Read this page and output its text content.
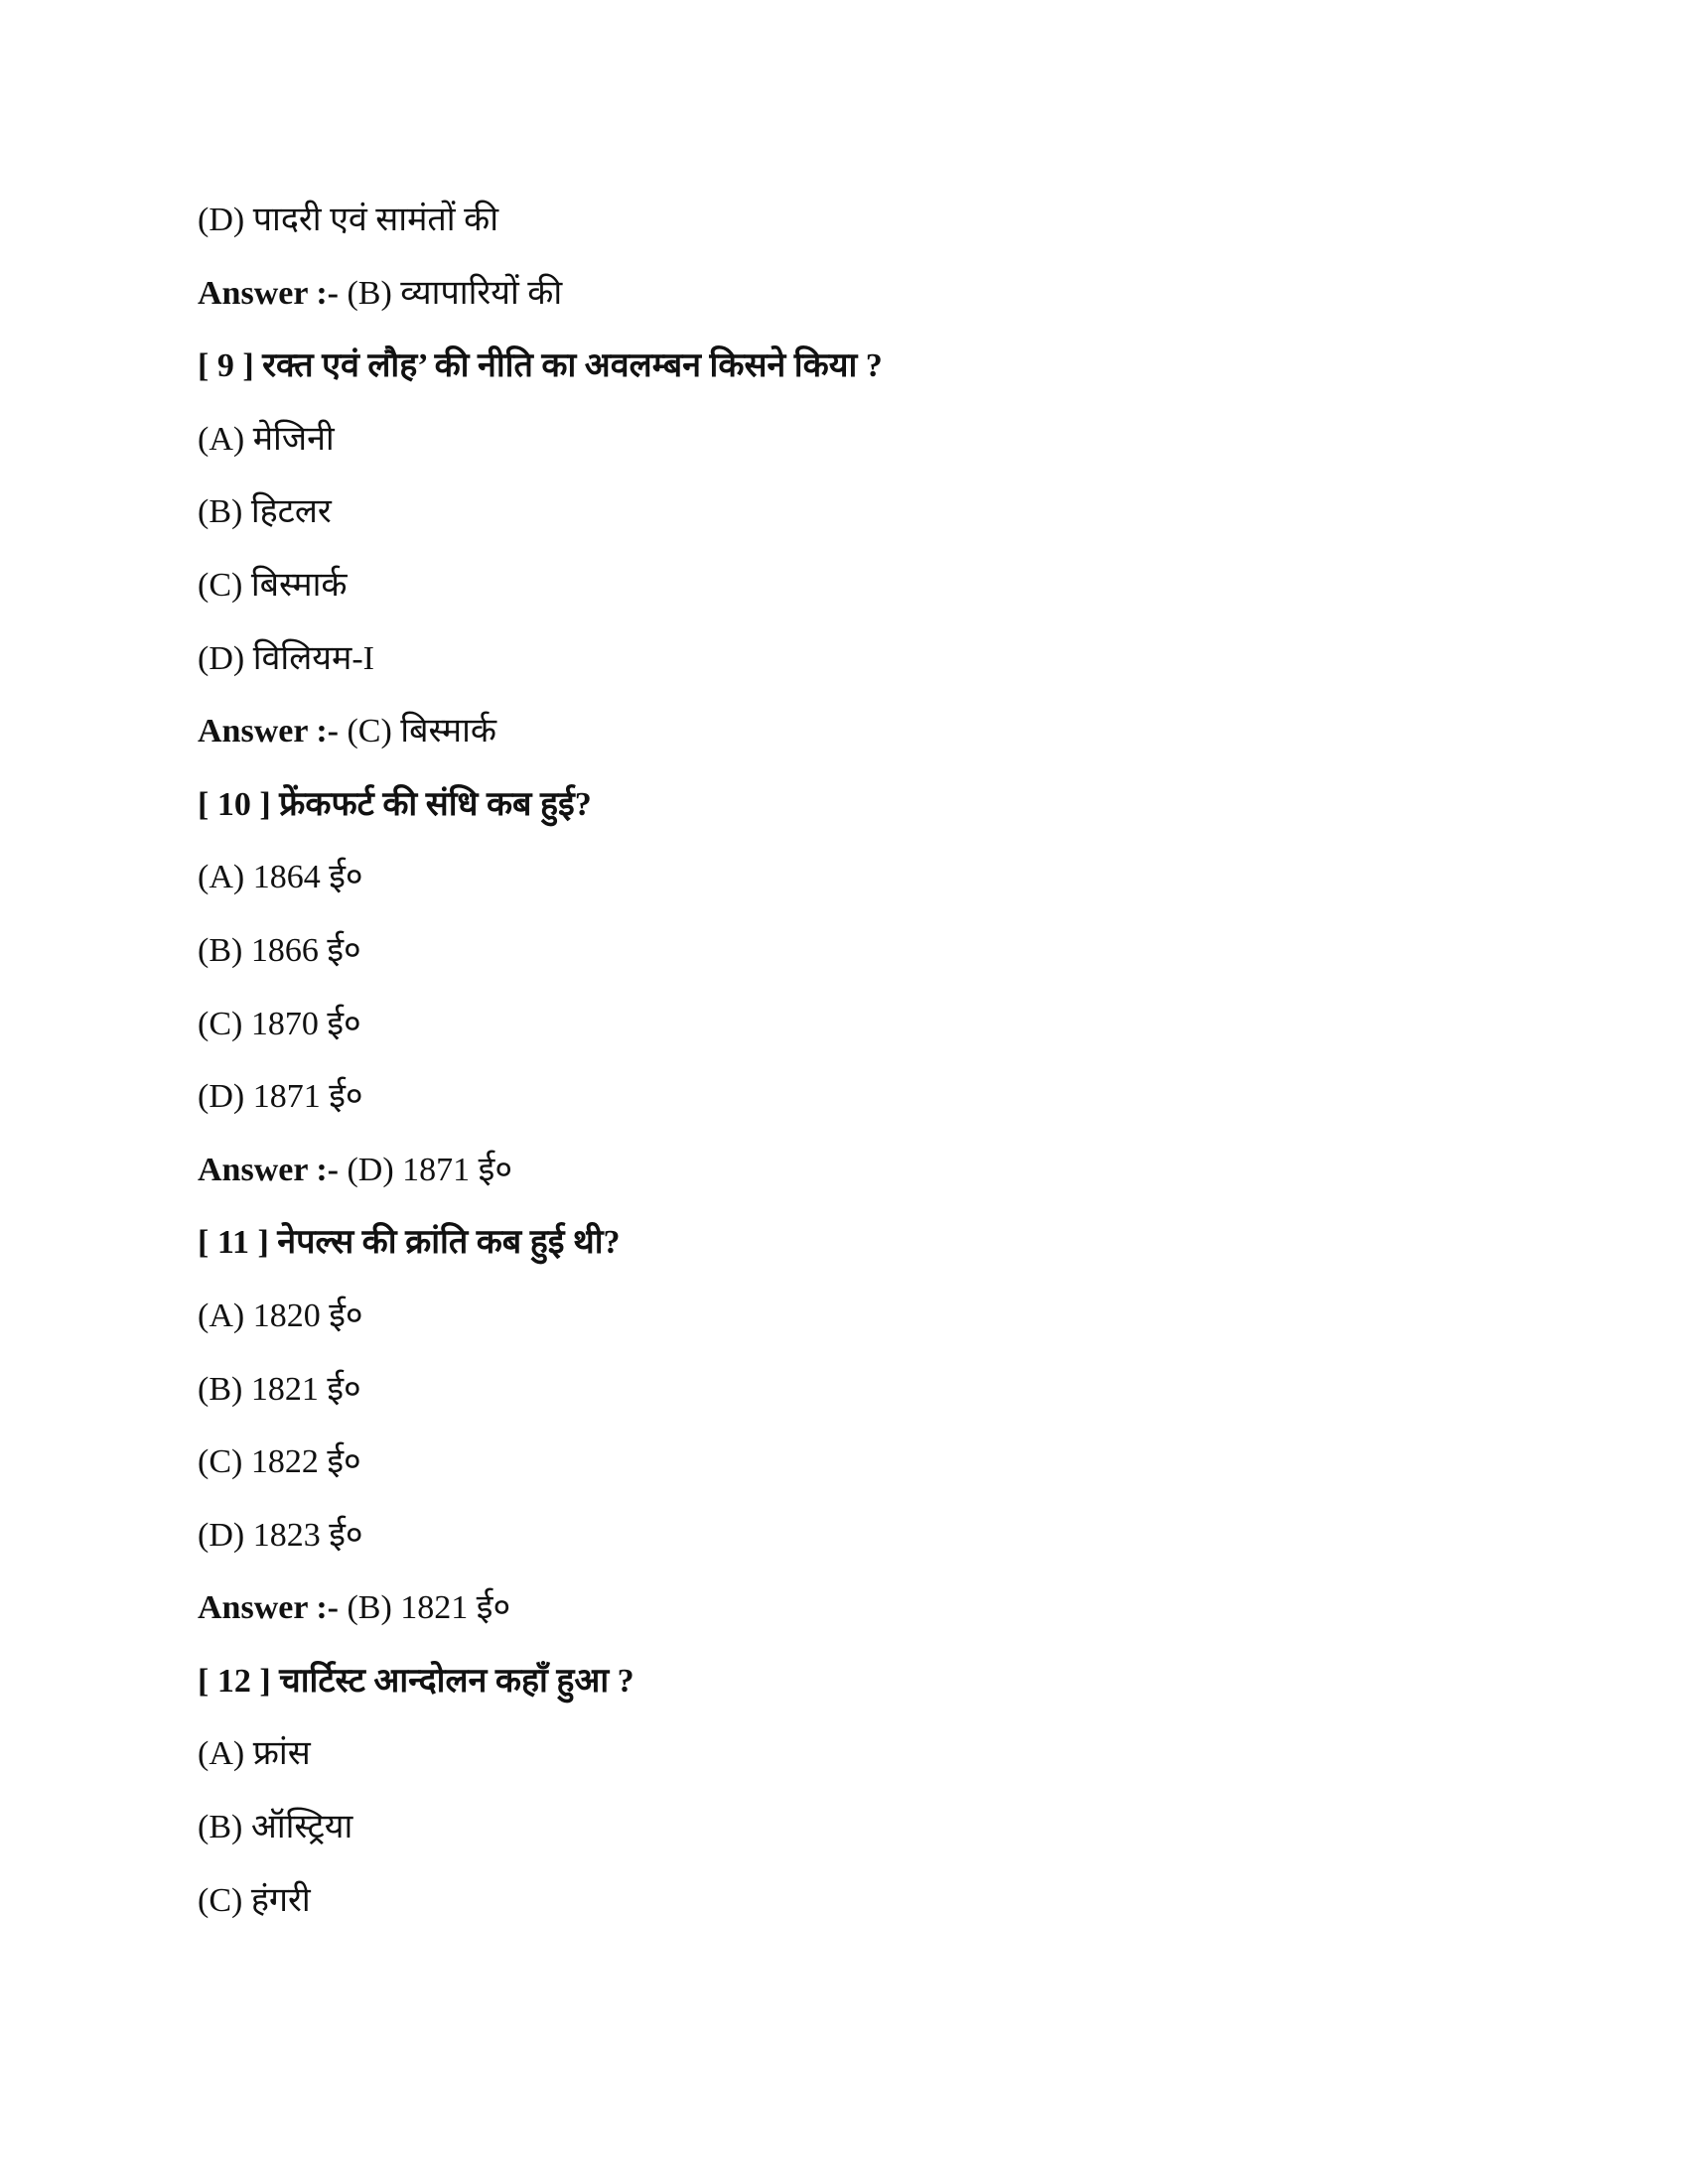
(D) पादरी एवं सामंतों की
Answer :- (B) व्यापारियों की
[ 9 ] रक्त एवं लौह’ की नीति का अवलम्बन किसने किया ?
(A) मेजिनी
(B) हिटलर
(C) बिस्मार्क
(D) विलियम-I
Answer :- (C) बिस्मार्क
[ 10 ] फ्रेंकफर्ट की संधि कब हुई?
(A) 1864 ई०
(B) 1866 ई०
(C) 1870 ई०
(D) 1871 ई०
Answer :- (D) 1871 ई०
[ 11 ] नेपल्स की क्रांति कब हुई थी?
(A) 1820 ई०
(B) 1821 ई०
(C) 1822 ई०
(D) 1823 ई०
Answer :- (B) 1821 ई०
[ 12 ] चार्टिस्ट आन्दोलन कहाँ हुआ ?
(A) फ्रांस
(B) ऑस्ट्रिया
(C) हंगरी
